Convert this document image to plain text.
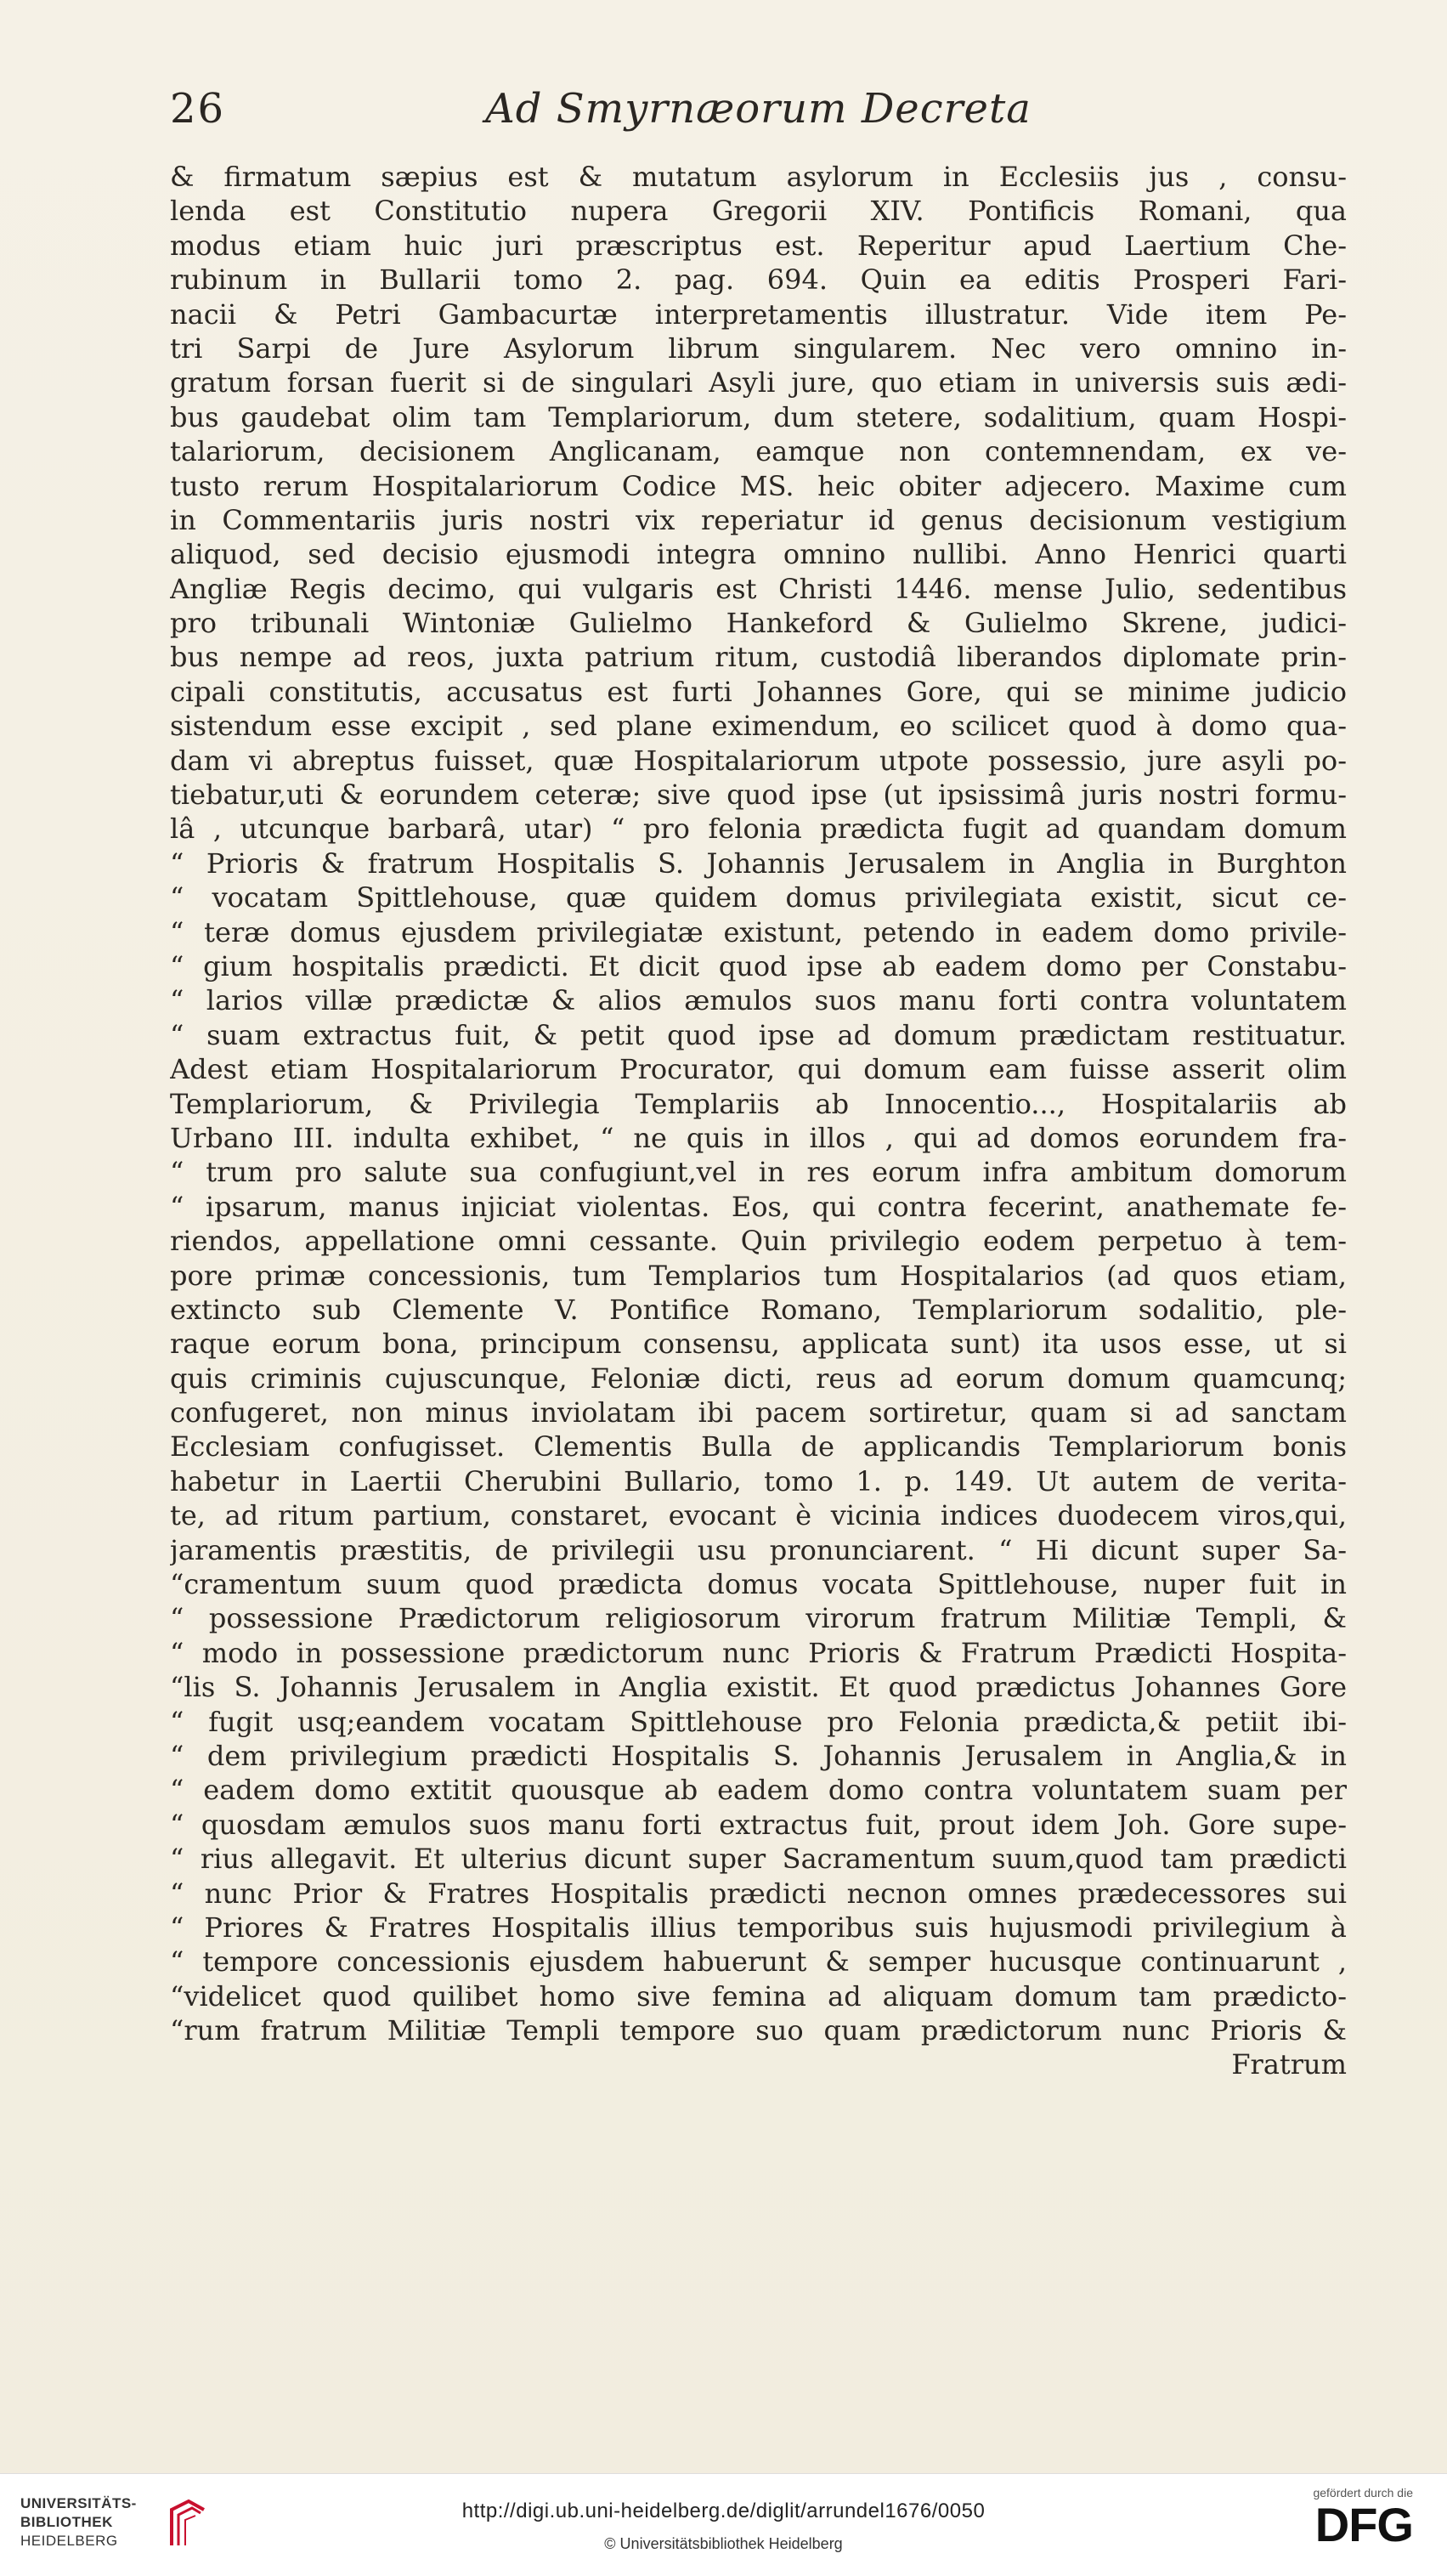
Ad Smyrnæorum Decreta
26
& firmatum sæpius est & mutatum asylorum in Ecclesiis jus , consu-
lenda est Constitutio nupera Gregorii XIV. Pontificis Romani, qua
modus etiam huic juri præscriptus est. Reperitur apud Laertium Che-
rubinum in Bullarii tomo 2. pag. 694. Quin ea editis Prosperi Fari-
nacii & Petri Gambacurtæ interpretamentis illustratur. Vide item Pe-
tri Sarpi de Jure Asylorum librum singularem. Nec vero omnino in-
gratum forsan fuerit si de singulari Asyli jure, quo etiam in universis suis ædi-
bus gaudebat olim tam Templariorum, dum stetere, sodalitium, quam Hospi-
talariorum, decisionem Anglicanam, eamque non contemnendam, ex ve-
tusto rerum Hospitalariorum Codice MS. heic obiter adjecero. Maxime cum
in Commentariis juris nostri vix reperiatur id genus decisionum vestigium
aliquod, sed decisio ejusmodi integra omnino nullibi. Anno Henrici quarti
Angliæ Regis decimo, qui vulgaris est Christi 1446. mense Julio, sedentibus
pro tribunali Wintoniæ Gulielmo Hankeford & Gulielmo Skrene, judici-
bus nempe ad reos, juxta patrium ritum, custodiâ liberandos diplomate prin-
cipali constitutis, accusatus est furti Johannes Gore, qui se minime judicio
sistendum esse excipit , sed plane eximendum, eo scilicet quod à domo qua-
dam vi abreptus fuisset, quæ Hospitalariorum utpote possessio, jure asyli po-
tiebatur,uti & eorundem ceteræ; sive quod ipse (ut ipsissimâ juris nostri formu-
lâ , utcunque barbarâ, utar) “ pro felonia prædicta fugit ad quandam domum
“ Prioris & fratrum Hospitalis S. Johannis Jerusalem in Anglia in Burghton
“ vocatam Spittlehouse, quæ quidem domus privilegiata existit, sicut ce-
“ teræ domus ejusdem privilegiatæ existunt, petendo in eadem domo privile-
“ gium hospitalis prædicti. Et dicit quod ipse ab eadem domo per Constabu-
“ larios villæ prædictæ & alios æmulos suos manu forti contra voluntatem
“ suam extractus fuit, & petit quod ipse ad domum prædictam restituatur.
Adest etiam Hospitalariorum Procurator, qui domum eam fuisse asserit olim
Templariorum, & Privilegia Templariis ab Innocentio..., Hospitalariis ab
Urbano III. indulta exhibet, “ ne quis in illos , qui ad domos eorundem fra-
“ trum pro salute sua confugiunt,vel in res eorum infra ambitum domorum
“ ipsarum, manus injiciat violentas. Eos, qui contra fecerint, anathemate fe-
riendos, appellatione omni cessante. Quin privilegio eodem perpetuo à tem-
pore primæ concessionis, tum Templarios tum Hospitalarios (ad quos etiam,
extincto sub Clemente V. Pontifice Romano, Templariorum sodalitio, ple-
raque eorum bona, principum consensu, applicata sunt) ita usos esse, ut si
quis criminis cujuscunque, Feloniæ dicti, reus ad eorum domum quamcunq;
confugeret, non minus inviolatam ibi pacem sortiretur, quam si ad sanctam
Ecclesiam confugisset. Clementis Bulla de applicandis Templariorum bonis
habetur in Laertii Cherubini Bullario, tomo 1. p. 149. Ut autem de verita-
te, ad ritum partium, constaret, evocant è vicinia indices duodecem viros,qui,
jaramentis præstitis, de privilegii usu pronunciarent. “ Hi dicunt super Sa-
“cramentum suum quod prædicta domus vocata Spittlehouse, nuper fuit in
“ possessione Prædictorum religiosorum virorum fratrum Militiæ Templi, &
“ modo in possessione prædictorum nunc Prioris & Fratrum Prædicti Hospita-
“lis S. Johannis Jerusalem in Anglia existit. Et quod prædictus Johannes Gore
“ fugit usq;eandem vocatam Spittlehouse pro Felonia prædicta,& petiit ibi-
“ dem privilegium prædicti Hospitalis S. Johannis Jerusalem in Anglia,& in
“ eadem domo extitit quousque ab eadem domo contra voluntatem suam per
“ quosdam æmulos suos manu forti extractus fuit, prout idem Joh. Gore supe-
“ rius allegavit. Et ulterius dicunt super Sacramentum suum,quod tam prædicti
“ nunc Prior & Fratres Hospitalis prædicti necnon omnes prædecessores sui
“ Priores & Fratres Hospitalis illius temporibus suis hujusmodi privilegium à
“ tempore concessionis ejusdem habuerunt & semper hucusque continuarunt ,
“videlicet quod quilibet homo sive femina ad aliquam domum tam prædicto-
“rum fratrum Militiæ Templi tempore suo quam prædictorum nunc Prioris &
Fratrum
UNIVERSITÄTS-
BIBLIOTHEK
HEIDELBERG
http://digi.ub.uni-heidelberg.de/diglit/arrundel1676/0050
© Universitätsbibliothek Heidelberg
gefördert durch die
DFG
